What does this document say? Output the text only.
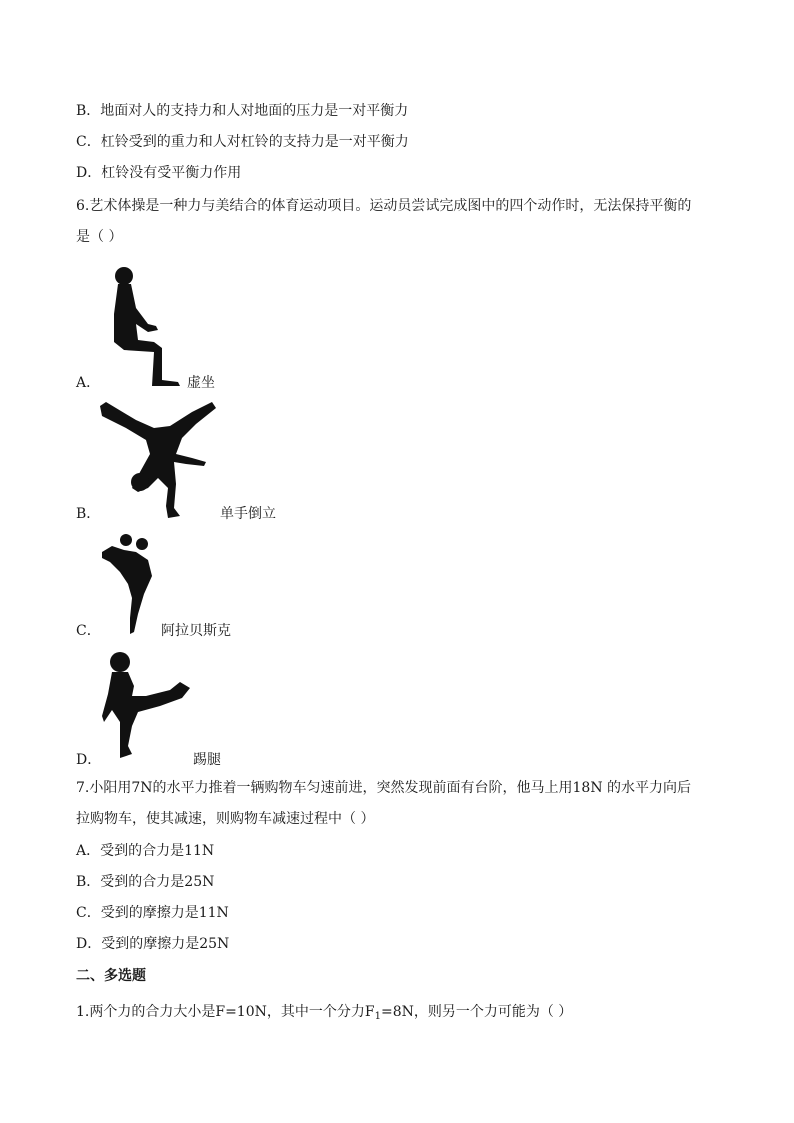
B．地面对人的支持力和人对地面的压力是一对平衡力
C．杠铃受到的重力和人对杠铃的支持力是一对平衡力
D．杠铃没有受平衡力作用
6.艺术体操是一种力与美结合的体育运动项目。运动员尝试完成图中的四个动作时，无法保持平衡的
是（ ）
A．	虚坐
B．	单手倒立
C．	阿拉贝斯克
D．	踢腿
7.小阳用7N的水平力推着一辆购物车匀速前进，突然发现前面有台阶，他马上用18N 的水平力向后
拉购物车，使其减速，则购物车减速过程中（ ）
A．受到的合力是11N
B．受到的合力是25N
C．受到的摩擦力是11N
D．受到的摩擦力是25N
二、多选题
1.两个力的合力大小是F=10N，其中一个分力$F_1=8N$，则另一个力可能为（ ）
